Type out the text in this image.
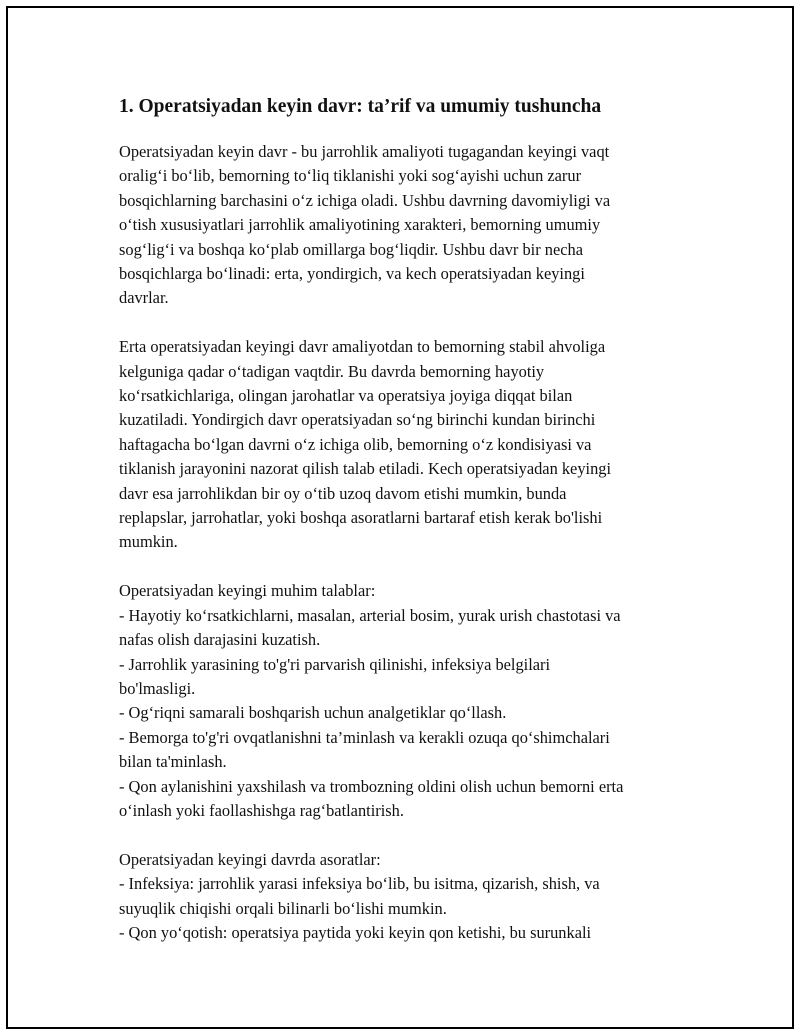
1. Operatsiyadan keyin davr: ta’rif va umumiy tushuncha

Operatsiyadan keyin davr - bu jarrohlik amaliyoti tugagandan keyingi vaqt
oralig‘i bo‘lib, bemorning to‘liq tiklanishi yoki sog‘ayishi uchun zarur
bosqichlarning barchasini o‘z ichiga oladi. Ushbu davrning davomiyligi va
o‘tish xususiyatlari jarrohlik amaliyotining xarakteri, bemorning umumiy
sog‘lig‘i va boshqa ko‘plab omillarga bog‘liqdir. Ushbu davr bir necha
bosqichlarga bo‘linadi: erta, yondirgich, va kech operatsiyadan keyingi
davrlar.

Erta operatsiyadan keyingi davr amaliyotdan to bemorning stabil ahvoliga
kelguniga qadar o‘tadigan vaqtdir. Bu davrda bemorning hayotiy
ko‘rsatkichlariga, olingan jarohatlar va operatsiya joyiga diqqat bilan
kuzatiladi. Yondirgich davr operatsiyadan so‘ng birinchi kundan birinchi
haftagacha bo‘lgan davrni o‘z ichiga olib, bemorning o‘z kondisiyasi va
tiklanish jarayonini nazorat qilish talab etiladi. Kech operatsiyadan keyingi
davr esa jarrohlikdan bir oy o‘tib uzoq davom etishi mumkin, bunda
replapslar, jarrohatlar, yoki boshqa asoratlarni bartaraf etish kerak bo'lishi
mumkin.

Operatsiyadan keyingi muhim talablar:
- Hayotiy ko‘rsatkichlarni, masalan, arterial bosim, yurak urish chastotasi va
nafas olish darajasini kuzatish.
- Jarrohlik yarasining to'g'ri parvarish qilinishi, infeksiya belgilari
bo'lmasligi.
- Og‘riqni samarali boshqarish uchun analgetiklar qo‘llash.
- Bemorga to'g'ri ovqatlanishni ta’minlash va kerakli ozuqa qo‘shimchalari
bilan ta'minlash.
- Qon aylanishini yaxshilash va trombozning oldini olish uchun bemorni erta
o‘inlash yoki faollashishga rag‘batlantirish.

Operatsiyadan keyingi davrda asoratlar:
- Infeksiya: jarrohlik yarasi infeksiya bo‘lib, bu isitma, qizarish, shish, va
suyuqlik chiqishi orqali bilinarli bo‘lishi mumkin.
- Qon yo‘qotish: operatsiya paytida yoki keyin qon ketishi, bu surunkali
